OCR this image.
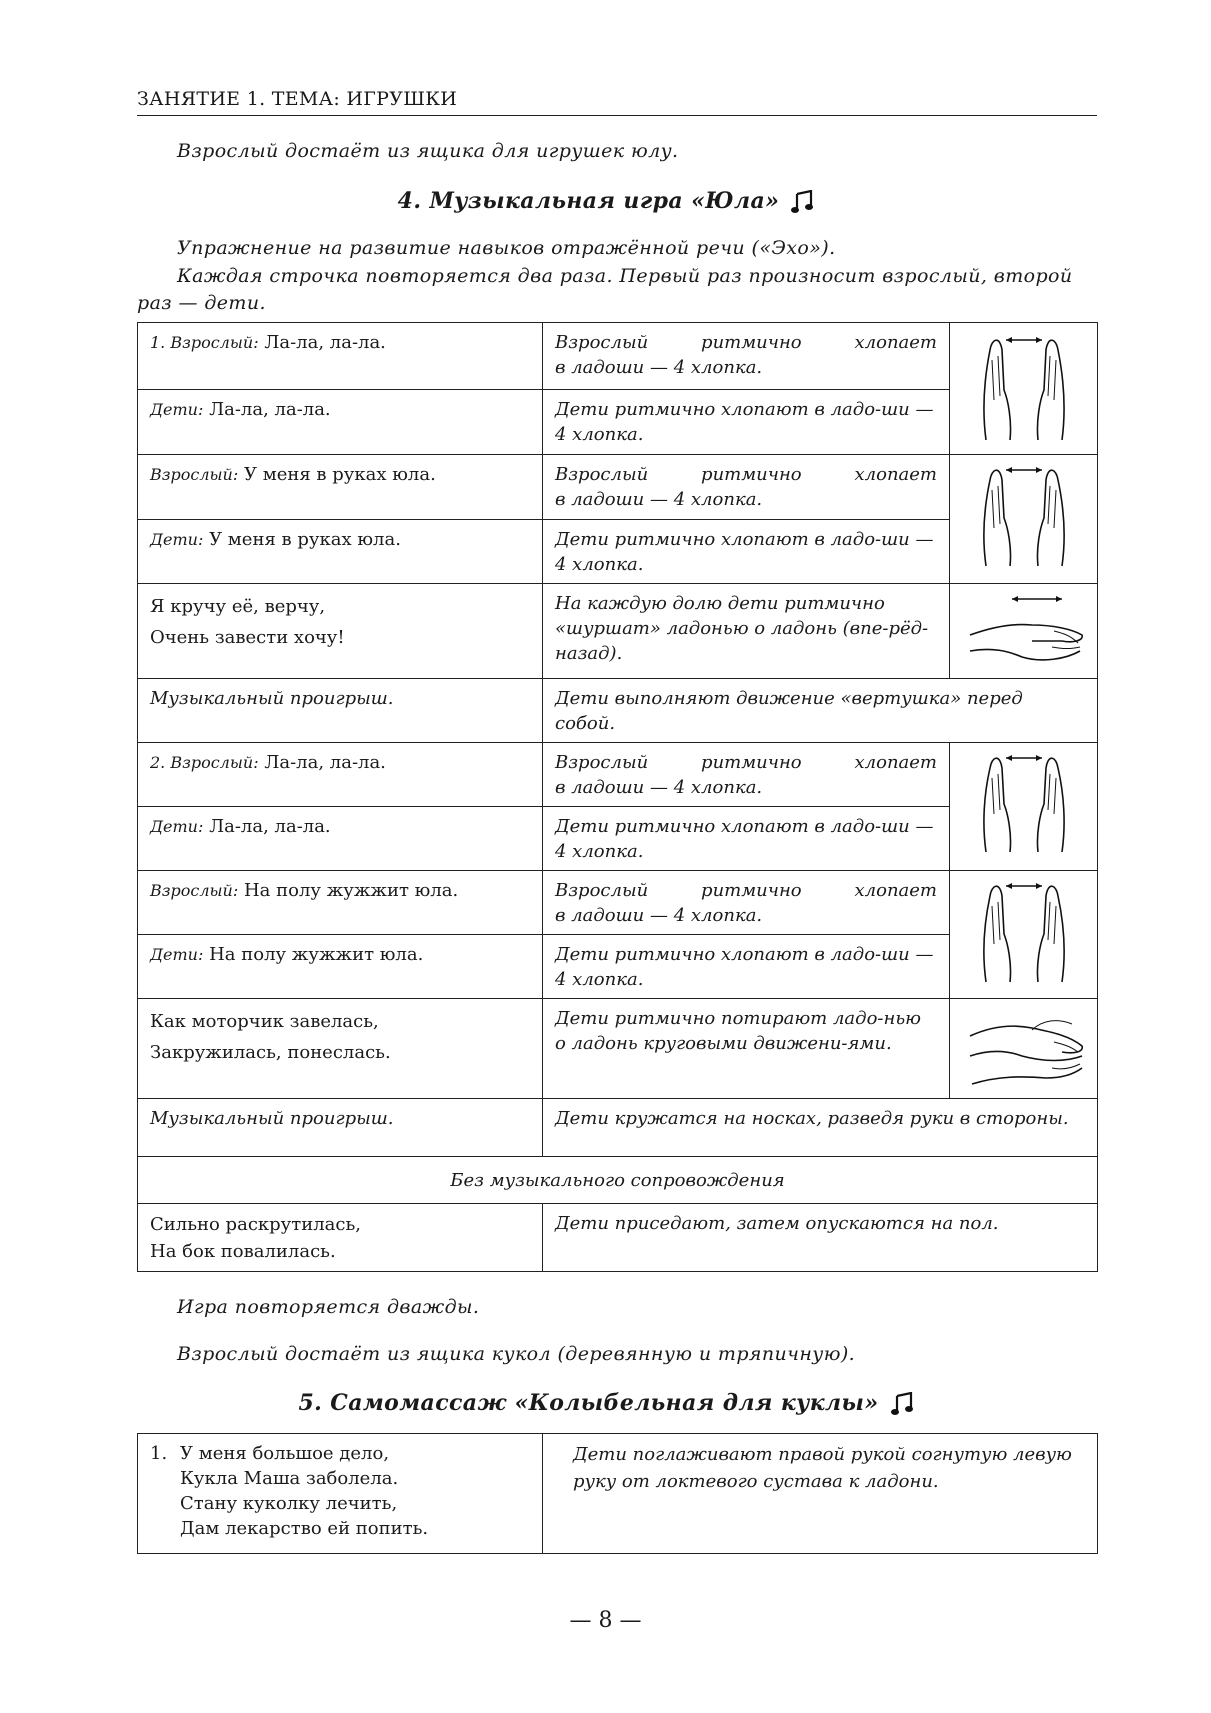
ЗАНЯТИЕ 1. ТЕМА: ИГРУШКИ
Взрослый достаёт из ящика для игрушек юлу.
4. Музыкальная игра «Юла»
Упражнение на развитие навыков отражённой речи («Эхо»).
Каждая строчка повторяется два раза. Первый раз произносит взрослый, второй
раз — дети.
1. Взрослый: Ла-ла, ла-ла.	Взрослый ритмично хлопает
в ладоши — 4 хлопка.

Дети: Ла-ла, ла-ла.	Дети ритмично хлопают в ладо-ши — 4 хлопка.	
Взрослый: У меня в руках юла.	Взрослый ритмично хлопает
в ладоши — 4 хлопка.

Дети: У меня в руках юла.	Дети ритмично хлопают в ладо-ши — 4 хлопка.	

Я кручу её, верчу,
Очень завести хочу!	На каждую долю дети ритмично «шуршат» ладонью о ладонь (впе-рёд-назад).	

Музыкальный проигрыш.	Дети выполняют движение «вертушка» перед собой.	
2. Взрослый: Ла-ла, ла-ла.	Взрослый ритмично хлопает
в ладоши — 4 хлопка.

Дети: Ла-ла, ла-ла.	Дети ритмично хлопают в ладо-ши — 4 хлопка.	
Взрослый: На полу жужжит юла.	Взрослый ритмично хлопает
в ладоши — 4 хлопка.

Дети: На полу жужжит юла.	Дети ритмично хлопают в ладо-ши — 4 хлопка.	

Как моторчик завелась,
Закружилась, понеслась.	Дети ритмично потирают ладо-нью о ладонь круговыми движени-ями.	

Музыкальный проигрыш.	Дети кружатся на носках, разведя руки в стороны.	
Без музыкального сопровождения		

Сильно раскрутилась,
На бок повалилась.	Дети приседают, затем опускаются на пол.	
Игра повторяется дважды.
Взрослый достаёт из ящика кукол (деревянную и тряпичную).
5. Самомассаж «Колыбельная для куклы»
1. У меня большое дело,
Кукла Маша заболела.
Стану куколку лечить,
Дам лекарство ей попить.
	Дети поглаживают правой рукой согнутую левую руку от локтевого сустава к ладони.
— 8 —
